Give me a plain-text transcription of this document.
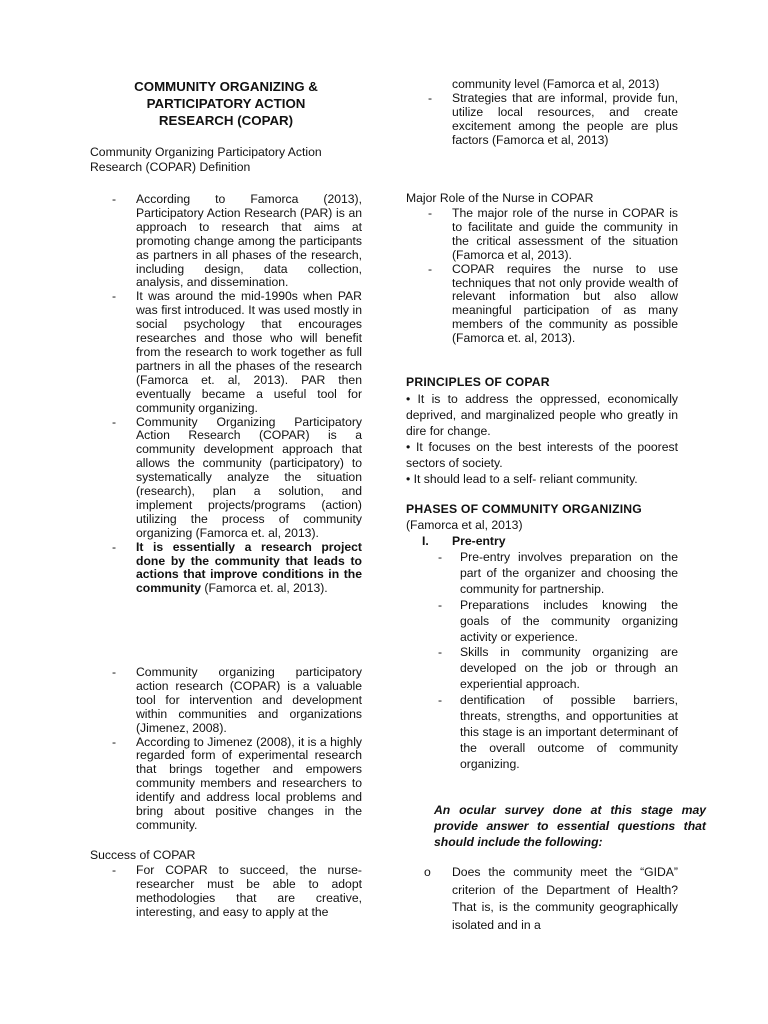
COMMUNITY ORGANIZING &
PARTICIPATORY ACTION
RESEARCH (COPAR)

Community Organizing Participatory Action Research (COPAR) Definition

- According to Famorca (2013), Participatory Action Research (PAR) is an approach to research that aims at promoting change among the participants as partners in all phases of the research, including design, data collection, analysis, and dissemination.
- It was around the mid-1990s when PAR was first introduced. It was used mostly in social psychology that encourages researches and those who will benefit from the research to work together as full partners in all the phases of the research (Famorca et. al, 2013). PAR then eventually became a useful tool for community organizing.
- Community Organizing Participatory Action Research (COPAR) is a community development approach that allows the community (participatory) to systematically analyze the situation (research), plan a solution, and implement projects/programs (action) utilizing the process of community organizing (Famorca et. al, 2013).
- It is essentially a research project done by the community that leads to actions that improve conditions in the community (Famorca et. al, 2013).
- Community organizing participatory action research (COPAR) is a valuable tool for intervention and development within communities and organizations (Jimenez, 2008).
- According to Jimenez (2008), it is a highly regarded form of experimental research that brings together and empowers community members and researchers to identify and address local problems and bring about positive changes in the community.

Success of COPAR

- For COPAR to succeed, the nurse-researcher must be able to adopt methodologies that are creative, interesting, and easy to apply at the
community level (Famorca et al, 2013)
- Strategies that are informal, provide fun, utilize local resources, and create excitement among the people are plus factors (Famorca et al, 2013)

Major Role of the Nurse in COPAR

- The major role of the nurse in COPAR is to facilitate and guide the community in the critical assessment of the situation (Famorca et al, 2013).
- COPAR requires the nurse to use techniques that not only provide wealth of relevant information but also allow meaningful participation of as many members of the community as possible (Famorca et. al, 2013).

PRINCIPLES OF COPAR

• It is to address the oppressed, economically deprived, and marginalized people who greatly in dire for change.

• It focuses on the best interests of the poorest sectors of society.

• It should lead to a self- reliant community.

PHASES OF COMMUNITY ORGANIZING

(Famorca et al, 2013)

I. Pre-entry
- Pre-entry involves preparation on the part of the organizer and choosing the community for partnership.
- Preparations includes knowing the goals of the community organizing activity or experience.
- Skills in community organizing are developed on the job or through an experiential approach.
- dentification of possible barriers, threats, strengths, and opportunities at this stage is an important determinant of the overall outcome of community organizing.

An ocular survey done at this stage may provide answer to essential questions that should include the following:

o Does the community meet the “GIDA” criterion of the Department of Health? That is, is the community geographically isolated and in a
